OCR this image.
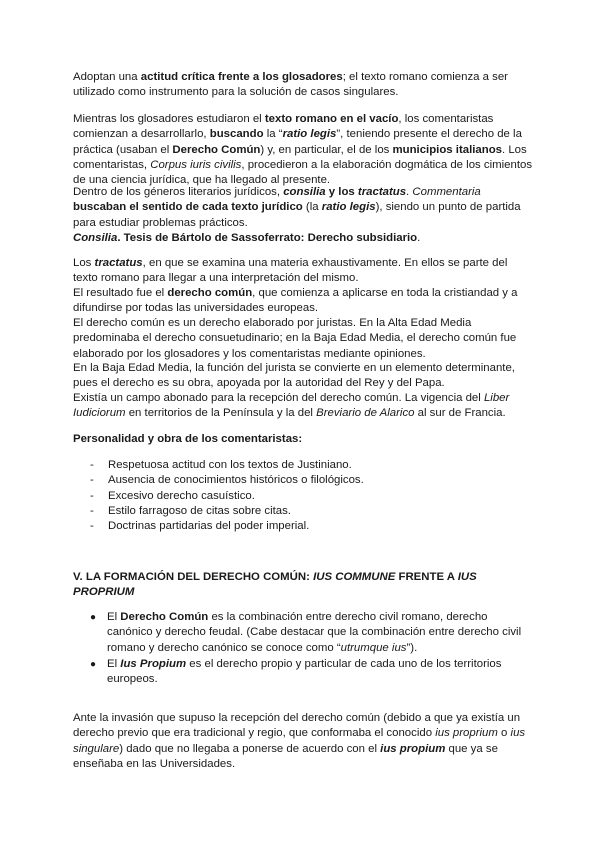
Adoptan una actitud crítica frente a los glosadores; el texto romano comienza a ser utilizado como instrumento para la solución de casos singulares.

Mientras los glosadores estudiaron el texto romano en el vacío, los comentaristas comienzan a desarrollarlo, buscando la “ratio legis”, teniendo presente el derecho de la práctica (usaban el Derecho Común) y, en particular, el de los municipios italianos. Los comentaristas, Corpus iuris civilis, procedieron a la elaboración dogmática de los cimientos de una ciencia jurídica, que ha llegado al presente.

Dentro de los géneros literarios jurídicos, consilia y los tractatus. Commentaria buscaban el sentido de cada texto jurídico (la ratio legis), siendo un punto de partida para estudiar problemas prácticos.

Consilia. Tesis de Bártolo de Sassoferrato: Derecho subsidiario.

Los tractatus, en que se examina una materia exhaustivamente. En ellos se parte del texto romano para llegar a una interpretación del mismo.

El resultado fue el derecho común, que comienza a aplicarse en toda la cristiandad y a difundirse por todas las universidades europeas.

El derecho común es un derecho elaborado por juristas. En la Alta Edad Media predominaba el derecho consuetudinario; en la Baja Edad Media, el derecho común fue elaborado por los glosadores y los comentaristas mediante opiniones.

En la Baja Edad Media, la función del jurista se convierte en un elemento determinante, pues el derecho es su obra, apoyada por la autoridad del Rey y del Papa.

Existía un campo abonado para la recepción del derecho común. La vigencia del Liber Iudiciorum en territorios de la Península y la del Breviario de Alarico al sur de Francia.

Personalidad y obra de los comentaristas:

- Respetuosa actitud con los textos de Justiniano.
- Ausencia de conocimientos históricos o filológicos.
- Excesivo derecho casuístico.
- Estilo farragoso de citas sobre citas.
- Doctrinas partidarias del poder imperial.

V. LA FORMACIÓN DEL DERECHO COMÚN: IUS COMMUNE FRENTE A IUS PROPRIUM

● El Derecho Común es la combinación entre derecho civil romano, derecho canónico y derecho feudal. (Cabe destacar que la combinación entre derecho civil romano y derecho canónico se conoce como “utrumque ius”).
● El Ius Propium es el derecho propio y particular de cada uno de los territorios europeos.

Ante la invasión que supuso la recepción del derecho común (debido a que ya existía un derecho previo que era tradicional y regio, que conformaba el conocido ius proprium o ius singulare) dado que no llegaba a ponerse de acuerdo con el ius propium que ya se enseñaba en las Universidades.
